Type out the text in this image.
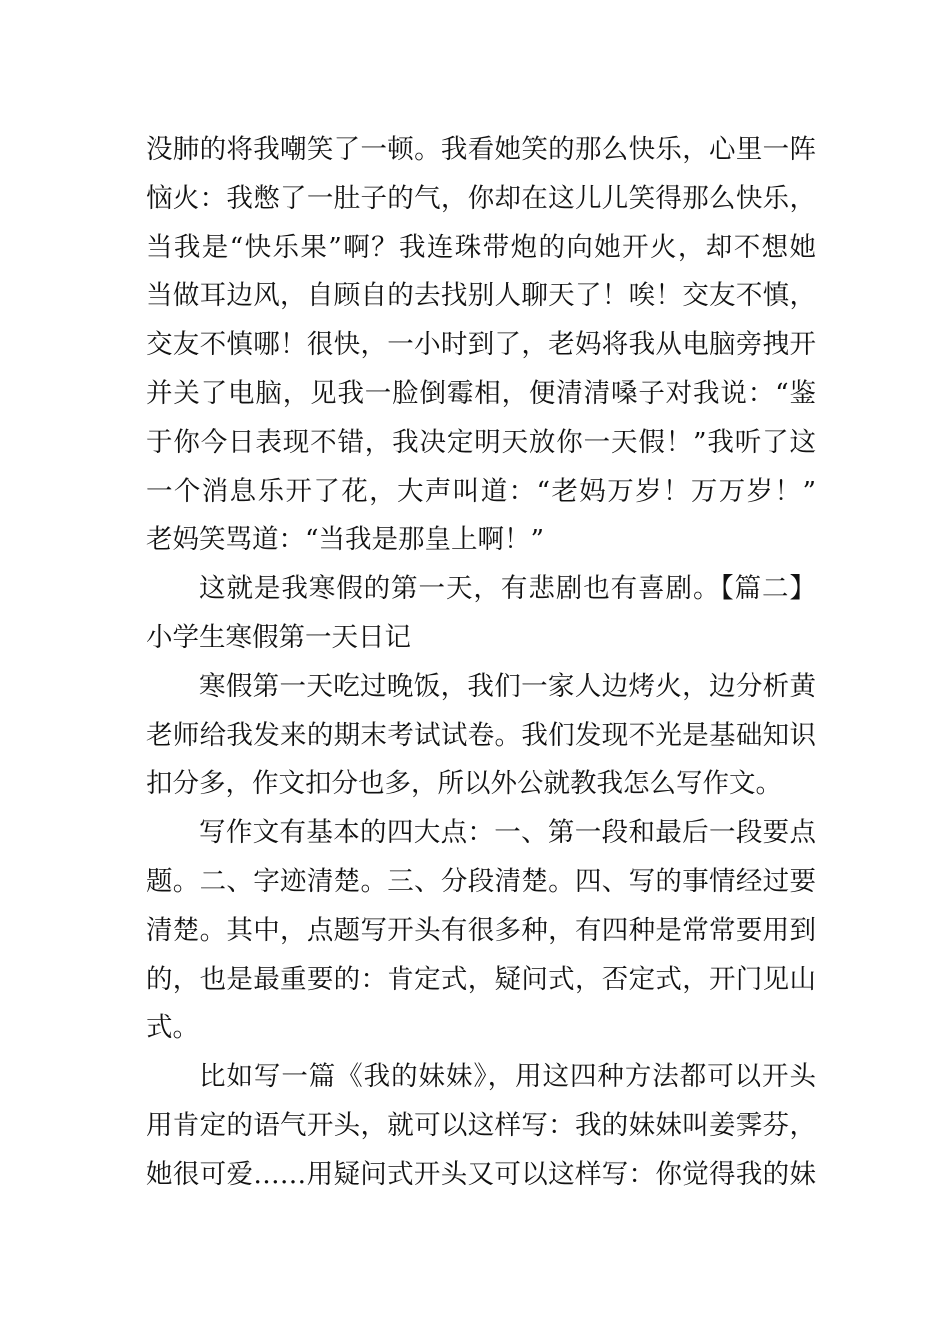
没肺的将我嘲笑了一顿。我看她笑的那么快乐，心里一阵
恼火：我憋了一肚子的气，你却在这儿儿笑得那么快乐，
当我是“快乐果”啊？我连珠带炮的向她开火，却不想她
当做耳边风，自顾自的去找别人聊天了！唉！交友不慎，
交友不慎哪！很快，一小时到了，老妈将我从电脑旁拽开
并关了电脑，见我一脸倒霉相，便清清嗓子对我说：“鉴
于你今日表现不错，我决定明天放你一天假！”我听了这
一个消息乐开了花，大声叫道：“老妈万岁！万万岁！”
老妈笑骂道：“当我是那皇上啊！”
这就是我寒假的第一天，有悲剧也有喜剧。【篇二】
小学生寒假第一天日记
寒假第一天吃过晚饭，我们一家人边烤火，边分析黄
老师给我发来的期末考试试卷。我们发现不光是基础知识
扣分多，作文扣分也多，所以外公就教我怎么写作文。
写作文有基本的四大点：一、第一段和最后一段要点
题。二、字迹清楚。三、分段清楚。四、写的事情经过要
清楚。其中，点题写开头有很多种，有四种是常常要用到
的，也是最重要的：肯定式，疑问式，否定式，开门见山
式。
比如写一篇《我的妹妹》，用这四种方法都可以开头
用肯定的语气开头，就可以这样写：我的妹妹叫姜霁芬，
她很可爱……用疑问式开头又可以这样写：你觉得我的妹
